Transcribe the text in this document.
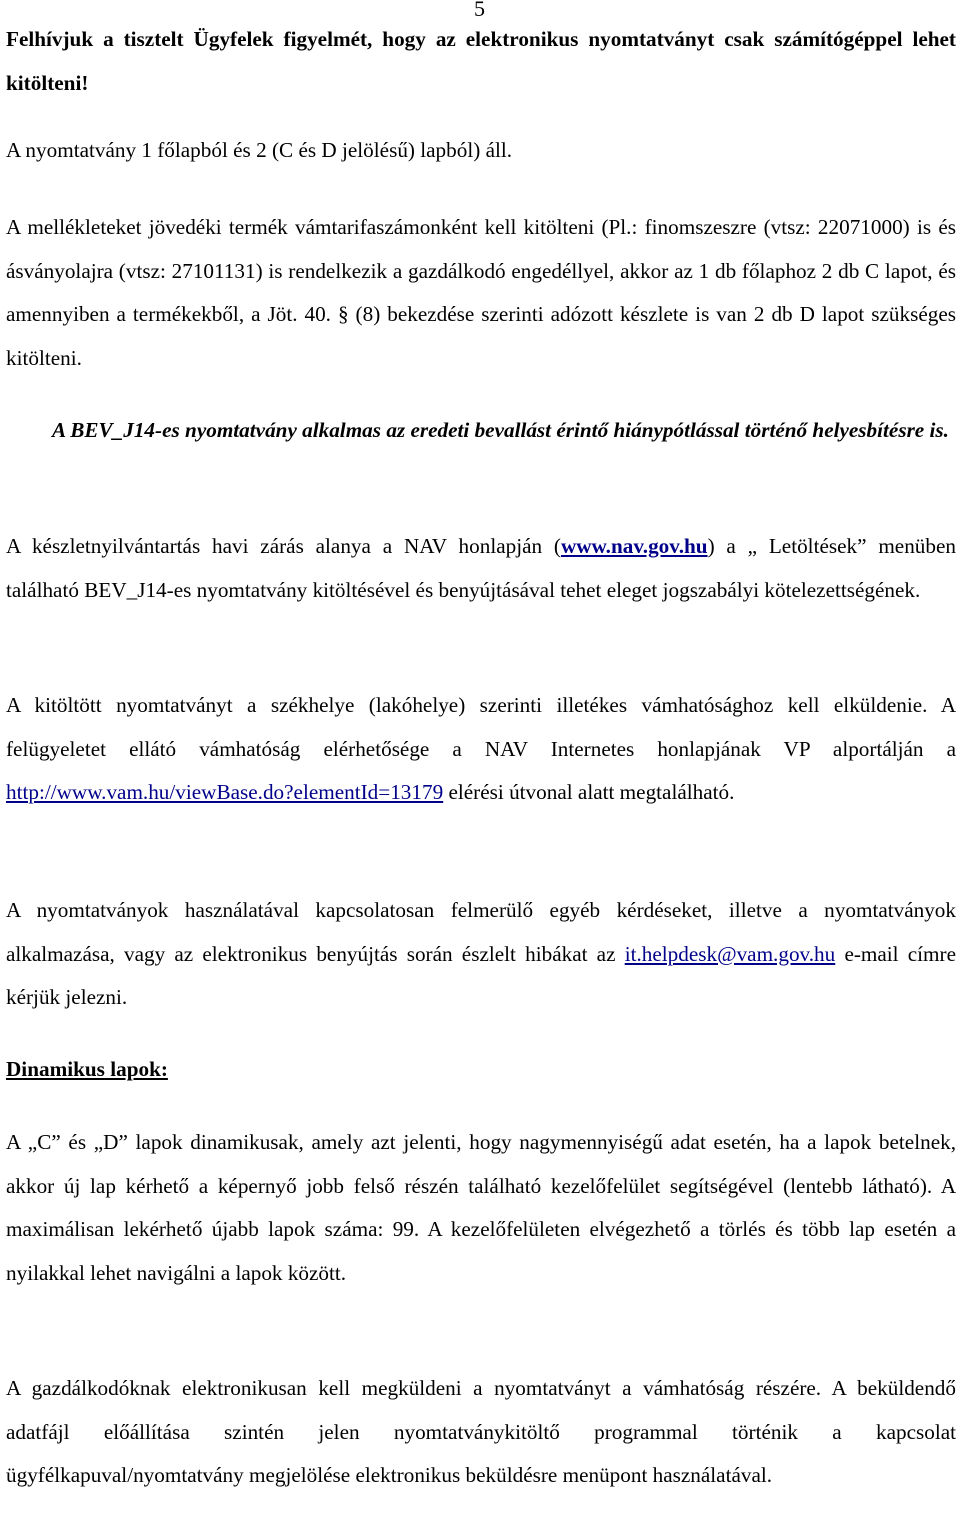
5

Felhívjuk a tisztelt Ügyfelek figyelmét, hogy az elektronikus nyomtatványt csak számítógéppel lehet kitölteni!

A nyomtatvány 1 főlapból és 2 (C és D jelölésű) lapból) áll.

A mellékleteket jövedéki termék vámtarifaszámonként kell kitölteni (Pl.: finomszeszre (vtsz: 22071000) is és ásványolajra (vtsz: 27101131) is rendelkezik a gazdálkodó engedéllyel, akkor az 1 db főlaphoz 2 db C lapot, és amennyiben a termékekből, a Jöt. 40. § (8) bekezdése szerinti adózott készlete is van 2 db D lapot szükséges kitölteni.

A BEV_J14-es nyomtatvány alkalmas az eredeti bevallást érintő hiánypótlással történő helyesbítésre is.

A készletnyilvántartás havi zárás alanya a NAV honlapján (www.nav.gov.hu) a „ Letöltések” menüben található BEV_J14-es nyomtatvány kitöltésével és benyújtásával tehet eleget jogszabályi kötelezettségének.

A kitöltött nyomtatványt a székhelye (lakóhelye) szerinti illetékes vámhatósághoz kell elküldenie. A felügyeletet ellátó vámhatóság elérhetősége a NAV Internetes honlapjának VP alportálján a http://www.vam.hu/viewBase.do?elementId=13179 elérési útvonal alatt megtalálható.

A nyomtatványok használatával kapcsolatosan felmerülő egyéb kérdéseket, illetve a nyomtatványok alkalmazása, vagy az elektronikus benyújtás során észlelt hibákat az it.helpdesk@vam.gov.hu e-mail címre kérjük jelezni.

Dinamikus lapok:

A „C” és „D” lapok dinamikusak, amely azt jelenti, hogy nagymennyiségű adat esetén, ha a lapok betelnek, akkor új lap kérhető a képernyő jobb felső részén található kezelőfelület segítségével (lentebb látható). A maximálisan lekérhető újabb lapok száma: 99. A kezelőfelületen elvégezhető a törlés és több lap esetén a nyilakkal lehet navigálni a lapok között.

A gazdálkodóknak elektronikusan kell megküldeni a nyomtatványt a vámhatóság részére. A beküldendő adatfájl előállítása szintén jelen nyomtatványkitöltő programmal történik a kapcsolat ügyfélkapuval/nyomtatvány megjelölése elektronikus beküldésre menüpont használatával.
